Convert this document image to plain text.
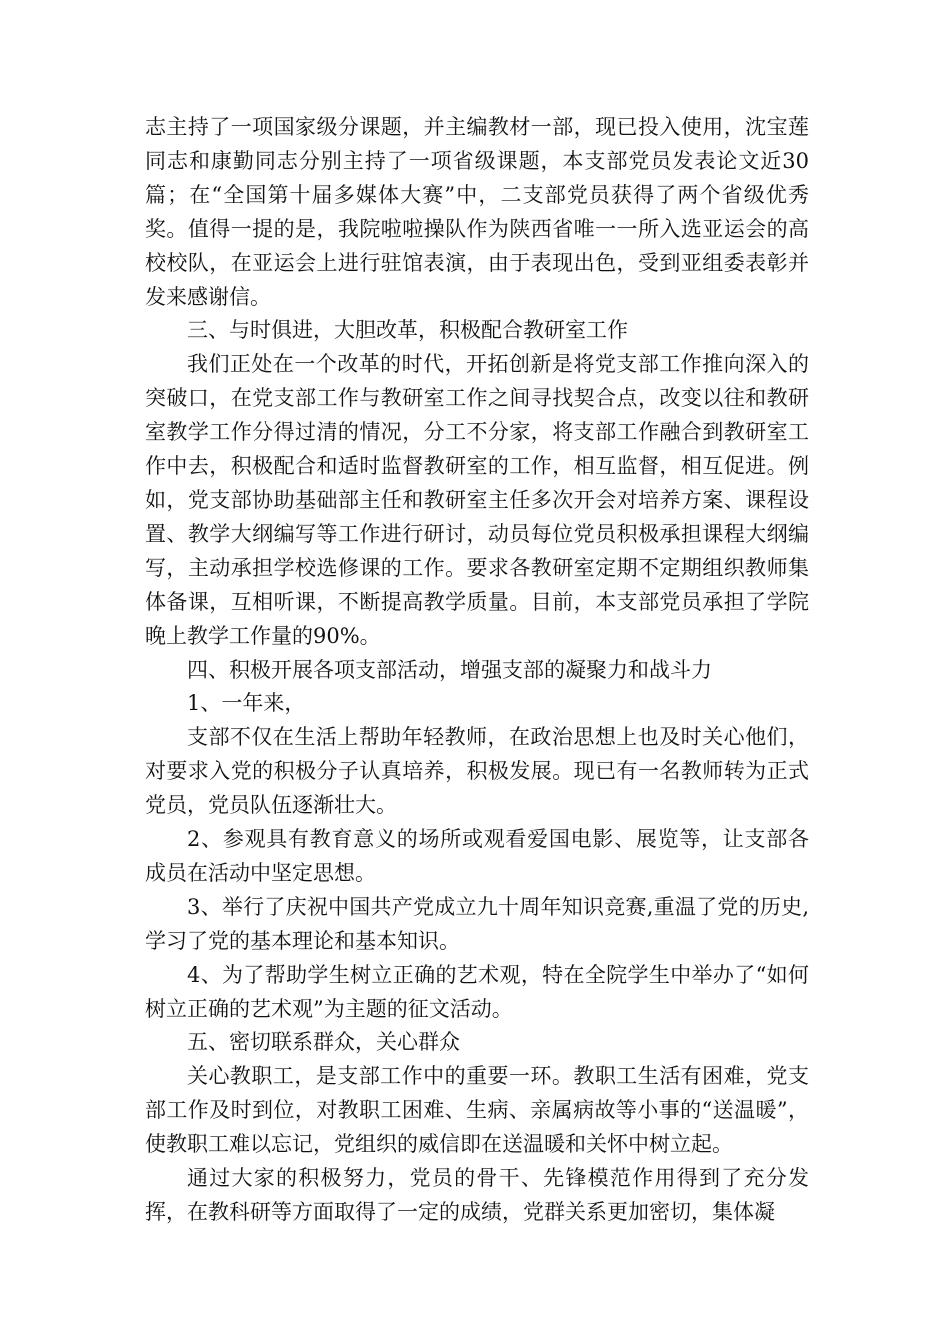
志主持了一项国家级分课题，并主编教材一部，现已投入使用，沈宝莲同志和康勤同志分别主持了一项省级课题，本支部党员发表论文近30篇；在“全国第十届多媒体大赛”中，二支部党员获得了两个省级优秀奖。值得一提的是，我院啦啦操队作为陕西省唯一一所入选亚运会的高校校队，在亚运会上进行驻馆表演，由于表现出色，受到亚组委表彰并发来感谢信。

三、与时俱进，大胆改革，积极配合教研室工作

我们正处在一个改革的时代，开拓创新是将党支部工作推向深入的突破口，在党支部工作与教研室工作之间寻找契合点，改变以往和教研室教学工作分得过清的情况，分工不分家，将支部工作融合到教研室工作中去，积极配合和适时监督教研室的工作，相互监督，相互促进。例如，党支部协助基础部主任和教研室主任多次开会对培养方案、课程设置、教学大纲编写等工作进行研讨，动员每位党员积极承担课程大纲编写，主动承担学校选修课的工作。要求各教研室定期不定期组织教师集体备课，互相听课，不断提高教学质量。目前，本支部党员承担了学院晚上教学工作量的90%。

四、积极开展各项支部活动，增强支部的凝聚力和战斗力

1、一年来，

支部不仅在生活上帮助年轻教师，在政治思想上也及时关心他们，对要求入党的积极分子认真培养，积极发展。现已有一名教师转为正式党员，党员队伍逐渐壮大。

2、参观具有教育意义的场所或观看爱国电影、展览等，让支部各成员在活动中坚定思想。

3、举行了庆祝中国共产党成立九十周年知识竞赛,重温了党的历史,学习了党的基本理论和基本知识。

4、为了帮助学生树立正确的艺术观，特在全院学生中举办了“如何树立正确的艺术观”为主题的征文活动。

五、密切联系群众，关心群众

关心教职工，是支部工作中的重要一环。教职工生活有困难，党支部工作及时到位，对教职工困难、生病、亲属病故等小事的“送温暖”，使教职工难以忘记，党组织的威信即在送温暖和关怀中树立起。

通过大家的积极努力，党员的骨干、先锋模范作用得到了充分发挥，在教科研等方面取得了一定的成绩，党群关系更加密切，集体凝
